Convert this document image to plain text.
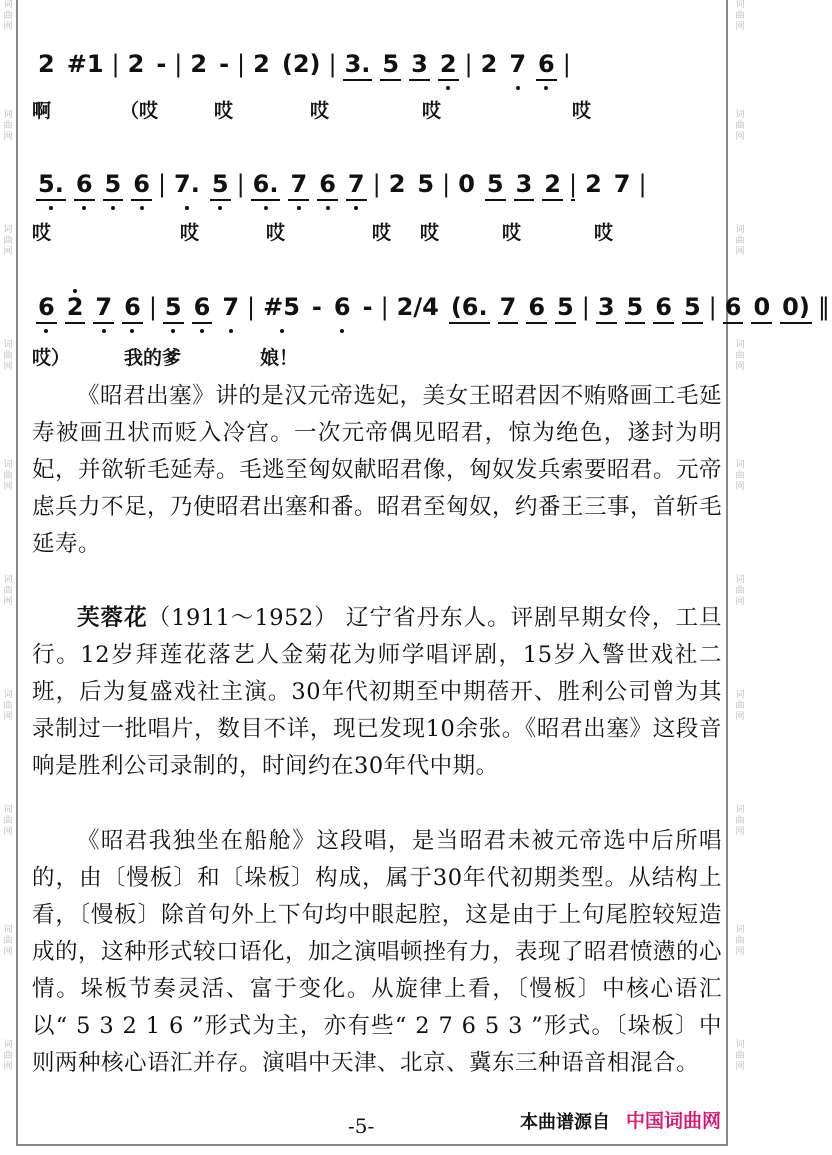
词
曲
网
词
曲
网
词
曲
网
词
曲
网
词
曲
网
词
曲
网
词
曲
网
词
曲
网
词
曲
网
词
曲
网
词
曲
网
词
曲
网
词
曲
网
词
曲
网
词
曲
网
词
曲
网
词
曲
网
词
曲
网
词
曲
网
词
曲
网
2 #1 | 2 - | 2 - | 2 (2) | 3. 5 3 2 | 2 7 6 |
啊	（哎	哎	哎	哎	哎
5. 6 5 6 | 7. 5 | 6. 7 6 7 | 2 5 | 0 5 3 2 | 2 7 |
哎	哎	哎	哎 哎	哎	哎
6 2 7 6 | 5 6 7 | #5 - 6 - | 2/4 (6. 7 6 5 | 3 5 6 5 | 6 0 0) ‖
哎）	我的爹	娘！
《昭君出塞》讲的是汉元帝选妃，美女王昭君因不贿赂画工毛延寿被画丑状而贬入冷宫。一次元帝偶见昭君，惊为绝色，遂封为明妃，并欲斩毛延寿。毛逃至匈奴献昭君像，匈奴发兵索要昭君。元帝虑兵力不足，乃使昭君出塞和番。昭君至匈奴，约番王三事，首斩毛延寿。
芙蓉花（1911～1952） 辽宁省丹东人。评剧早期女伶，工旦行。12岁拜莲花落艺人金菊花为师学唱评剧，15岁入警世戏社二班，后为复盛戏社主演。30年代初期至中期蓓开、胜利公司曾为其录制过一批唱片，数目不详，现已发现10余张。《昭君出塞》这段音响是胜利公司录制的，时间约在30年代中期。
《昭君我独坐在船舱》这段唱，是当昭君未被元帝选中后所唱的，由〔慢板〕和〔垛板〕构成，属于30年代初期类型。从结构上看，〔慢板〕除首句外上下句均中眼起腔，这是由于上句尾腔较短造成的，这种形式较口语化，加之演唱顿挫有力，表现了昭君愤懑的心情。垛板节奏灵活、富于变化。从旋律上看，〔慢板〕中核心语汇以“ 5 3 2 1 6 ”形式为主，亦有些“ 2 7 6 5 3 ”形式。〔垛板〕中则两种核心语汇并存。演唱中天津、北京、冀东三种语音相混合。
-5-	本曲谱源自 中国词曲网
